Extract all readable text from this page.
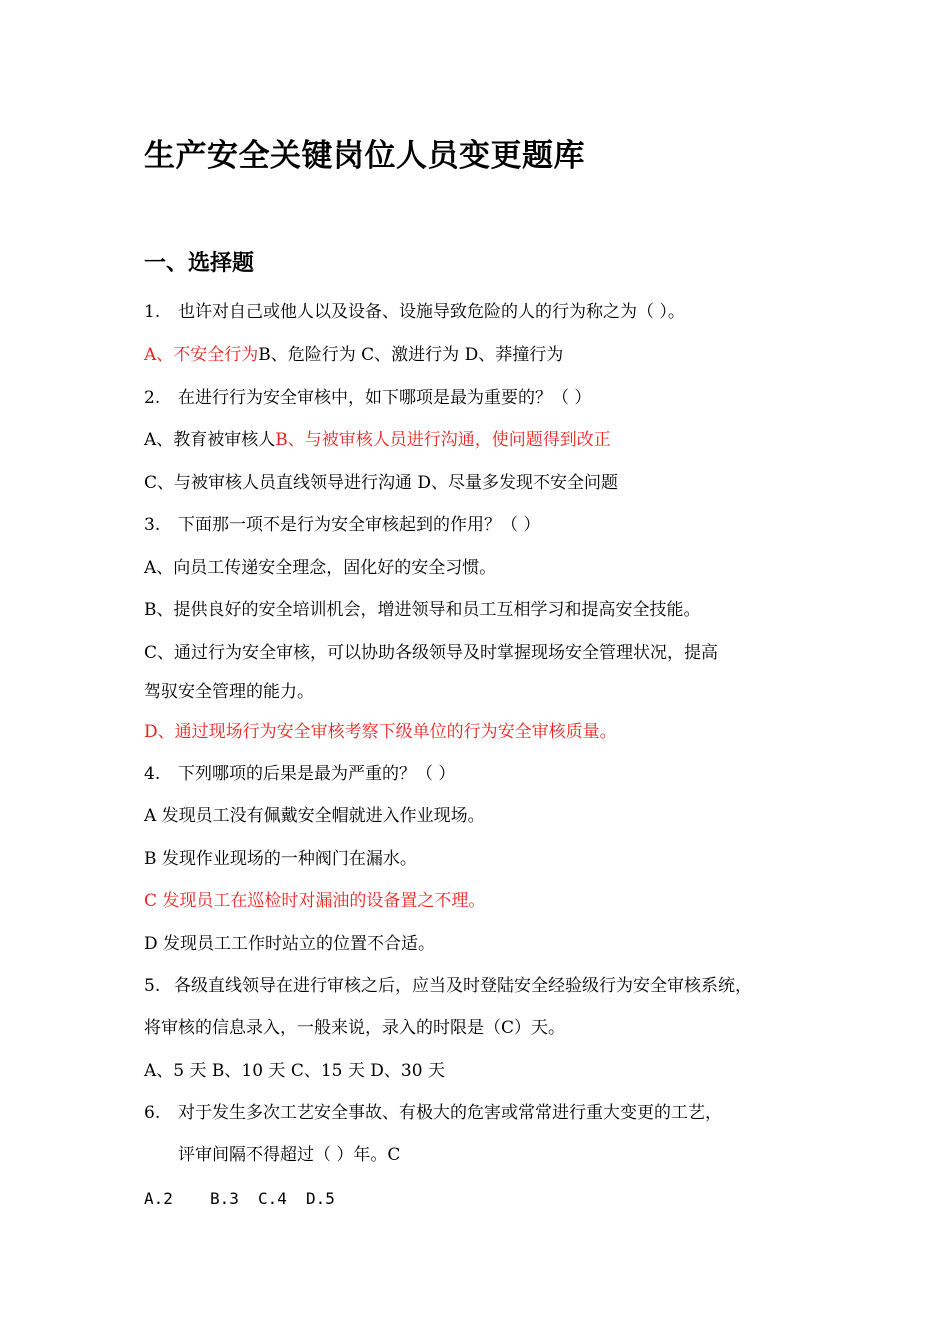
生产安全关键岗位人员变更题库
一、选择题
1. 也许对自己或他人以及设备、设施导致危险的人的行为称之为（ ）。
A、不安全行为B、危险行为 C、激进行为 D、莽撞行为
2. 在进行行为安全审核中，如下哪项是最为重要的？（ ）
A、教育被审核人B、与被审核人员进行沟通，使问题得到改正
C、与被审核人员直线领导进行沟通 D、尽量多发现不安全问题
3. 下面那一项不是行为安全审核起到的作用？（ ）
A、向员工传递安全理念，固化好的安全习惯。
B、提供良好的安全培训机会，增进领导和员工互相学习和提高安全技能。
C、通过行为安全审核，可以协助各级领导及时掌握现场安全管理状况，提高
驾驭安全管理的能力。
D、通过现场行为安全审核考察下级单位的行为安全审核质量。
4. 下列哪项的后果是最为严重的？（ ）
A 发现员工没有佩戴安全帽就进入作业现场。
B 发现作业现场的一种阀门在漏水。
C 发现员工在巡检时对漏油的设备置之不理。
D 发现员工工作时站立的位置不合适。
5. 各级直线领导在进行审核之后，应当及时登陆安全经验级行为安全审核系统，
将审核的信息录入，一般来说，录入的时限是（C）天。
A、5 天 B、10 天 C、15 天 D、30 天
6. 对于发生多次工艺安全事故、有极大的危害或常常进行重大变更的工艺，
评审间隔不得超过（ ）年。C
A.2 B.3 C.4 D.5
